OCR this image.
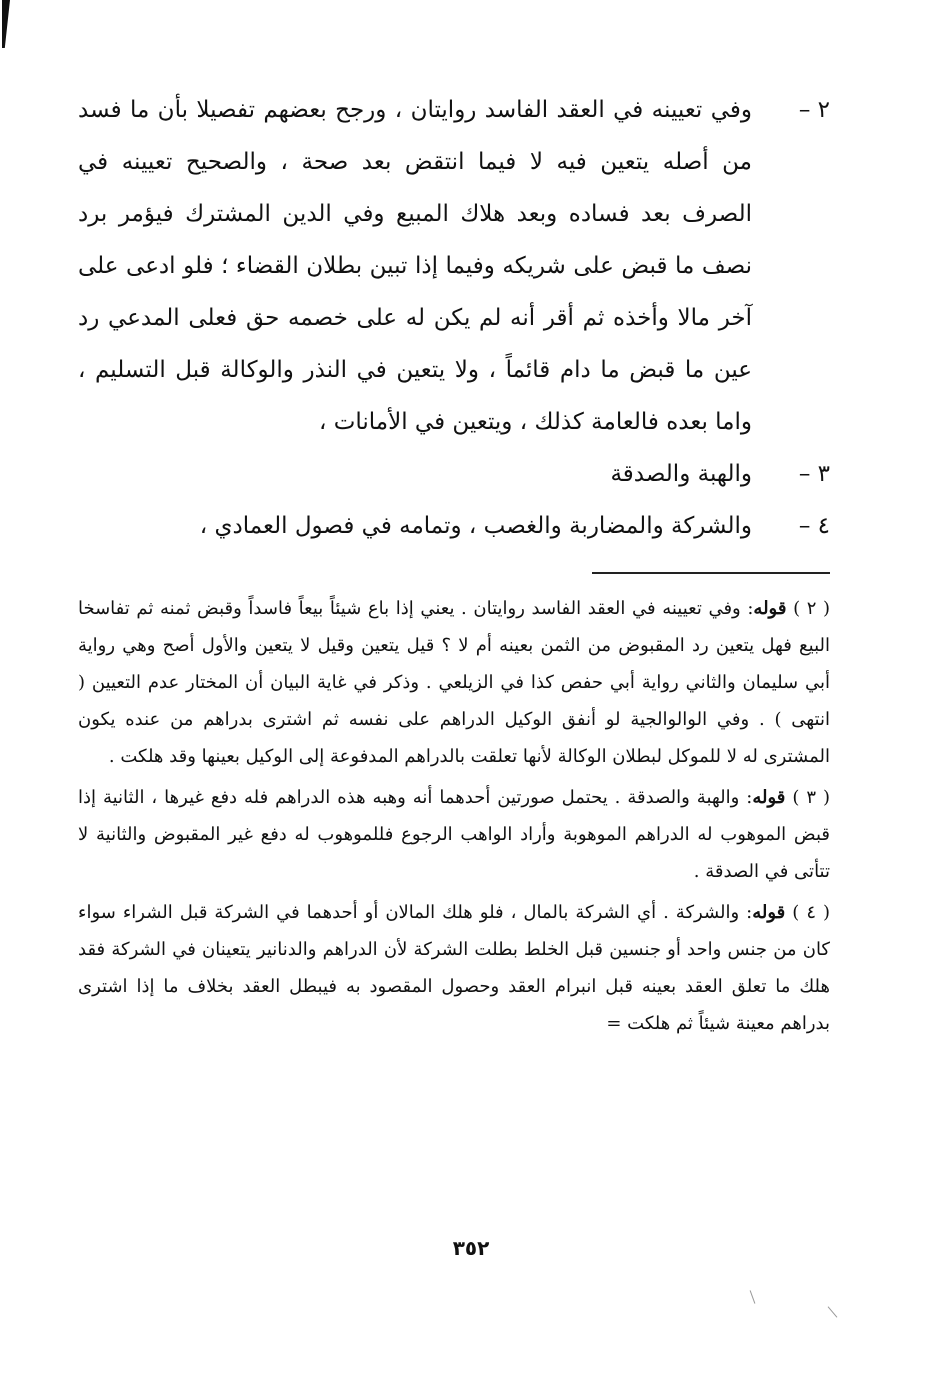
٢ –
وفي تعيينه في العقد الفاسد روايتان ، ورجح بعضهم تفصيلا بأن ما فسد من أصله يتعين فيه لا فيما انتقض بعد صحة ، والصحيح تعيينه في الصرف بعد فساده وبعد هلاك المبيع وفي الدين المشترك فيؤمر برد نصف ما قبض على شريكه وفيما إذا تبين بطلان القضاء ؛ فلو ادعى على آخر مالا وأخذه ثم أقر أنه لم يكن له على خصمه حق فعلى المدعي رد عين ما قبض ما دام قائماً ، ولا يتعين في النذر والوكالة قبل التسليم ، واما بعده فالعامة كذلك ، ويتعين في الأمانات ،
٣ –
والهبة والصدقة
٤ –
والشركة والمضاربة والغصب ، وتمامه في فصول العمادي ،

( ٢ ) قوله: وفي تعيينه في العقد الفاسد روايتان . يعني إذا باع شيئاً بيعاً فاسداً وقبض ثمنه ثم تفاسخا البيع فهل يتعين رد المقبوض من الثمن بعينه أم لا ؟ قيل يتعين وقيل لا يتعين والأول أصح وهي رواية أبي سليمان والثاني رواية أبي حفص كذا في الزيلعي . وذكر في غاية البيان أن المختار عدم التعيين ( انتهى ) . وفي الوالوالجية لو أنفق الوكيل الدراهم على نفسه ثم اشترى بدراهم من عنده يكون المشترى له لا للموكل لبطلان الوكالة لأنها تعلقت بالدراهم المدفوعة إلى الوكيل بعينها وقد هلكت .

( ٣ ) قوله: والهبة والصدقة . يحتمل صورتين أحدهما أنه وهبه هذه الدراهم فله دفع غيرها ، الثانية إذا قبض الموهوب له الدراهم الموهوبة وأراد الواهب الرجوع فللموهوب له دفع غير المقبوض والثانية لا تتأتى في الصدقة .

( ٤ ) قوله: والشركة . أي الشركة بالمال ، فلو هلك المالان أو أحدهما في الشركة قبل الشراء سواء كان من جنس واحد أو جنسين قبل الخلط بطلت الشركة لأن الدراهم والدنانير يتعينان في الشركة فقد هلك ما تعلق العقد بعينه قبل انبرام العقد وحصول المقصود به فيبطل العقد بخلاف ما إذا اشترى بدراهم معينة شيئاً ثم هلكت =

٣٥٢
